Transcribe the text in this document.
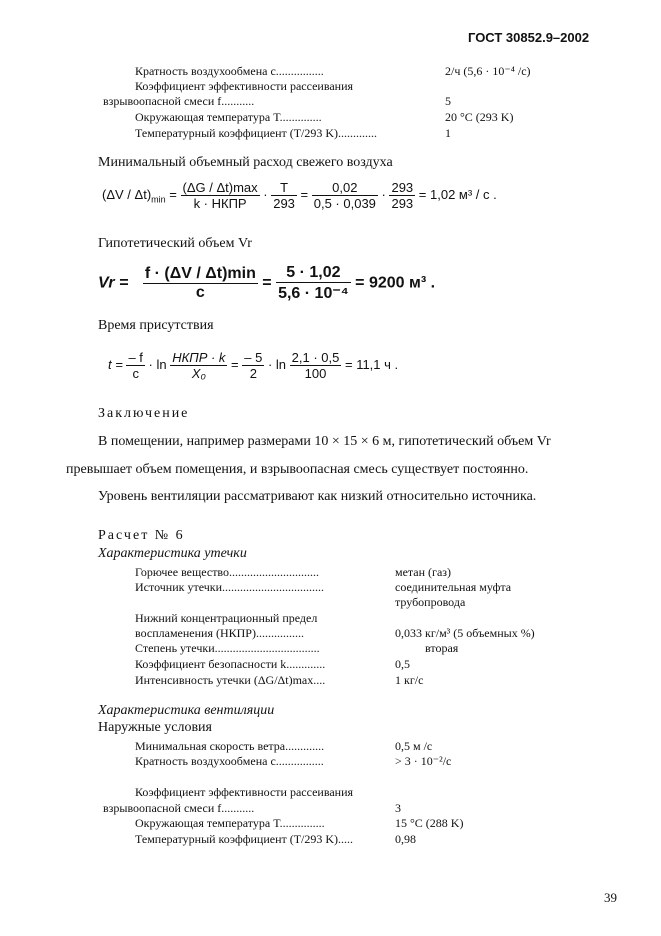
ГОСТ 30852.9–2002
Кратность воздухообмена c................	2/ч (5,6 · 10⁻⁴ /с)
Коэффициент эффективности рассеивания
взрывоопасной смеси f...........	5
Окружающая температура T..............	20 °C (293 K)
Температурный коэффициент (T/293 K).............	1
Минимальный объемный расход свежего воздуха
$(\Delta V / \Delta t)_{min} = \frac{(\Delta G / \Delta t)\max}{\text{k · НКПР}} \cdot \frac{T}{293} = \frac{0,02}{0,5 \cdot 0,039} \cdot \frac{293}{293} = 1,02$ м³ / с .
Гипотетический объем Vr
$Vr = \frac{f \cdot (\Delta V / \Delta t)\min}{c} = \frac{5 \cdot 1,02}{\text{5,6 · 10⁻⁴}} = 9200$ м³ .
Время присутствия
$t = \frac{- f}{c} \cdot \ln \frac{\text{НКПР · k}}{\text{X₀}} = \frac{- 5}{2} \cdot \ln \frac{2,1 \cdot 0,5}{100} = 11,1$ ч .
Заключение
В помещении, например размерами 10 × 15 × 6 м, гипотетический объем Vr
превышает объем помещения, и взрывоопасная смесь существует постоянно.
Уровень вентиляции рассматривают как низкий относительно источника.
Расчет № 6
Характеристика утечки
Горючее вещество..............................	метан (газ)
Источник утечки..................................	соединительная муфта
трубопровода
Нижний концентрационный предел
воспламенения (НКПР)................	0,033 кг/м³ (5 объемных %)
Степень утечки...................................	вторая
Коэффициент безопасности k.............	0,5
Интенсивность утечки (ΔG/Δt)max....	1 кг/с
Характеристика вентиляции
Наружные условия
Минимальная скорость ветра.............	0,5 м /с
Кратность воздухообмена c................	> 3 · 10⁻²/с
Коэффициент эффективности рассеивания
взрывоопасной смеси f...........	3
Окружающая температура T...............	15 °C (288 K)
Температурный коэффициент (T/293 K).....	0,98
39
